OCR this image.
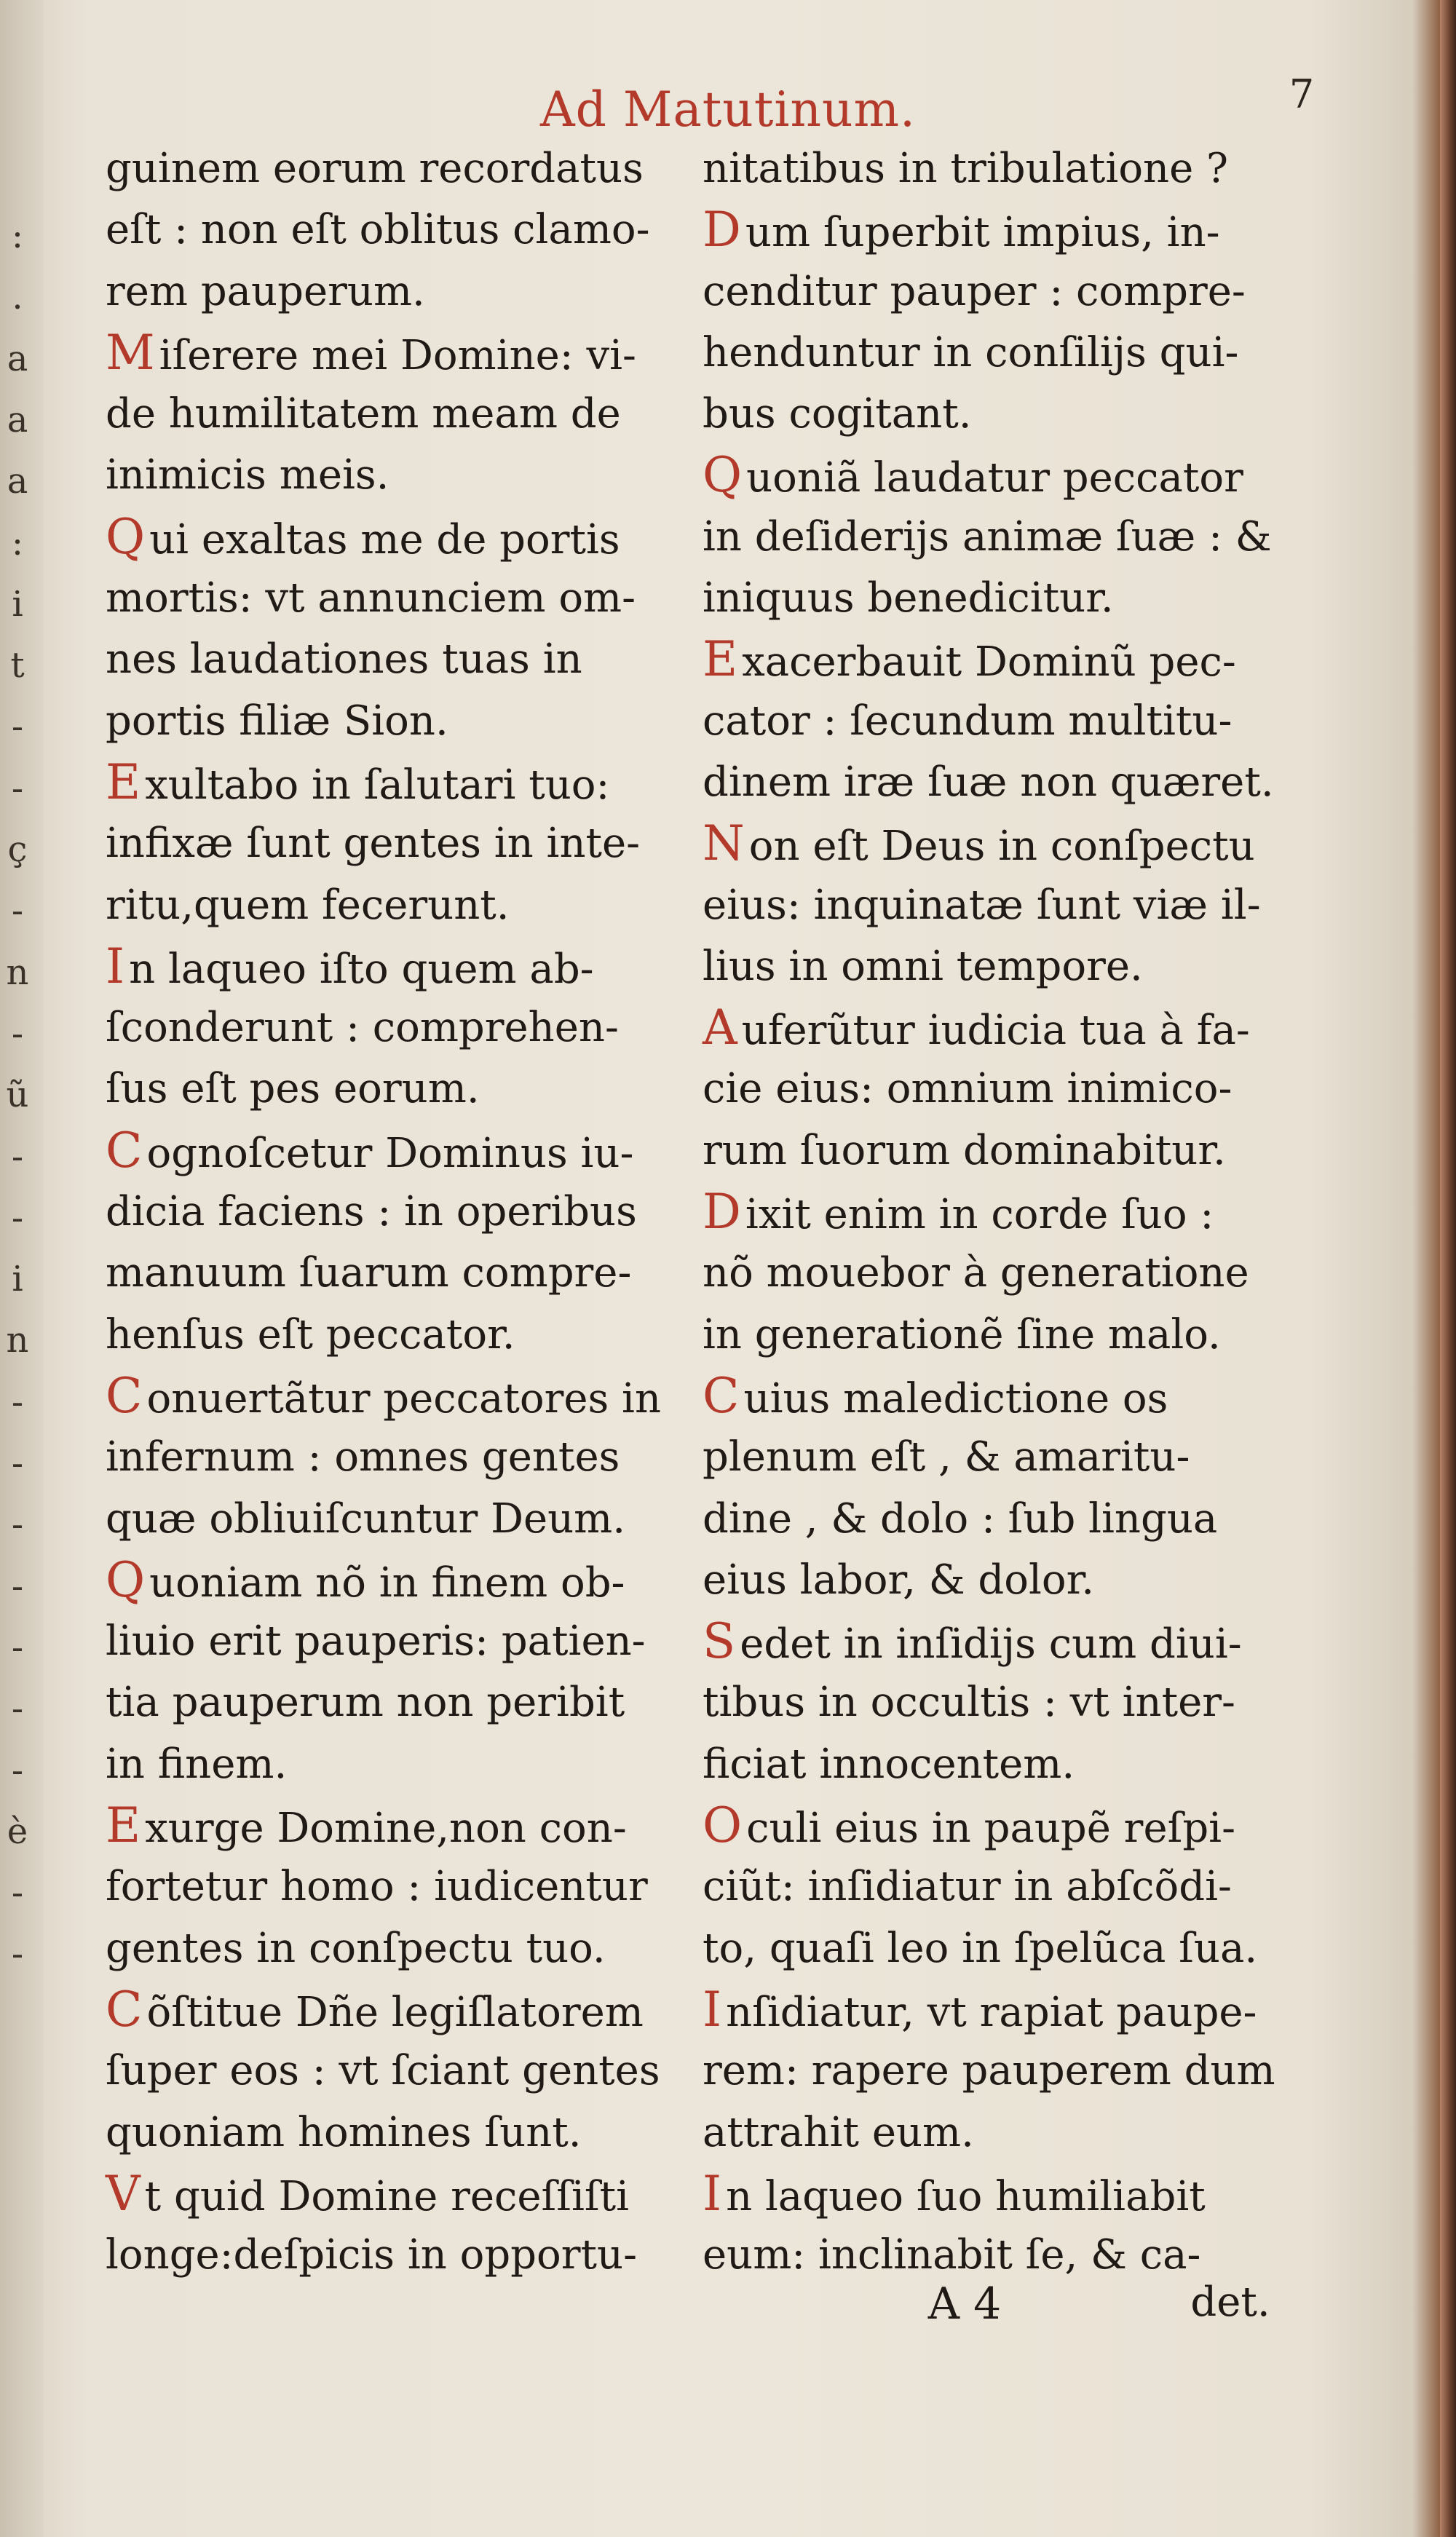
:
.
a
a
a
:
i
t
-
-
ç
-
n
-
ũ
-
-
i
n
-
-
-
-
-
-
-
è
-
-
Ad Matutinum.	7
guinem eorum recordatus
eſt : non eſt oblitus clamo-
rem pauperum.
M iſerere mei Domine: vi-
de humilitatem meam de
inimicis meis.
Q ui exaltas me de portis
mortis: vt annunciem om-
nes laudationes tuas in
portis filiæ Sion.
E xultabo in ſalutari tuo:
infixæ ſunt gentes in inte-
ritu,quem fecerunt.
I n laqueo iſto quem ab-
ſconderunt : comprehen-
ſus eſt pes eorum.
C ognoſcetur Dominus iu-
dicia faciens : in operibus
manuum ſuarum compre-
henſus eſt peccator.
C onuertãtur peccatores in
infernum : omnes gentes
quæ obliuiſcuntur Deum.
Q uoniam nõ in finem ob-
liuio erit pauperis: patien-
tia pauperum non peribit
in finem.
E xurge Domine,non con-
fortetur homo : iudicentur
gentes in conſpectu tuo.
C õſtitue Dñe legiſlatorem
ſuper eos : vt ſciant gentes
quoniam homines ſunt.
V t quid Domine receſſiſti
longe:deſpicis in opportu-
nitatibus in tribulatione ?
D um ſuperbit impius, in-
cenditur pauper : compre-
henduntur in conſilijs qui-
bus cogitant.
Q uoniã laudatur peccator
in deſiderijs animæ ſuæ : &
iniquus benedicitur.
E xacerbauit Dominũ pec-
cator : ſecundum multitu-
dinem iræ ſuæ non quæret.
N on eſt Deus in conſpectu
eius: inquinatæ ſunt viæ il-
lius in omni tempore.
A uferũtur iudicia tua à fa-
cie eius: omnium inimico-
rum ſuorum dominabitur.
D ixit enim in corde ſuo :
nõ mouebor à generatione
in generationẽ ſine malo.
C uius maledictione os
plenum eſt , & amaritu-
dine , & dolo : ſub lingua
eius labor, & dolor.
S edet in inſidijs cum diui-
tibus in occultis : vt inter-
ficiat innocentem.
O culi eius in paupẽ reſpi-
ciũt: inſidiatur in abſcõdi-
to, quaſi leo in ſpelũca ſua.
I nſidiatur, vt rapiat paupe-
rem: rapere pauperem dum
attrahit eum.
I n laqueo ſuo humiliabit
eum: inclinabit ſe, & ca-
A 4	det.
